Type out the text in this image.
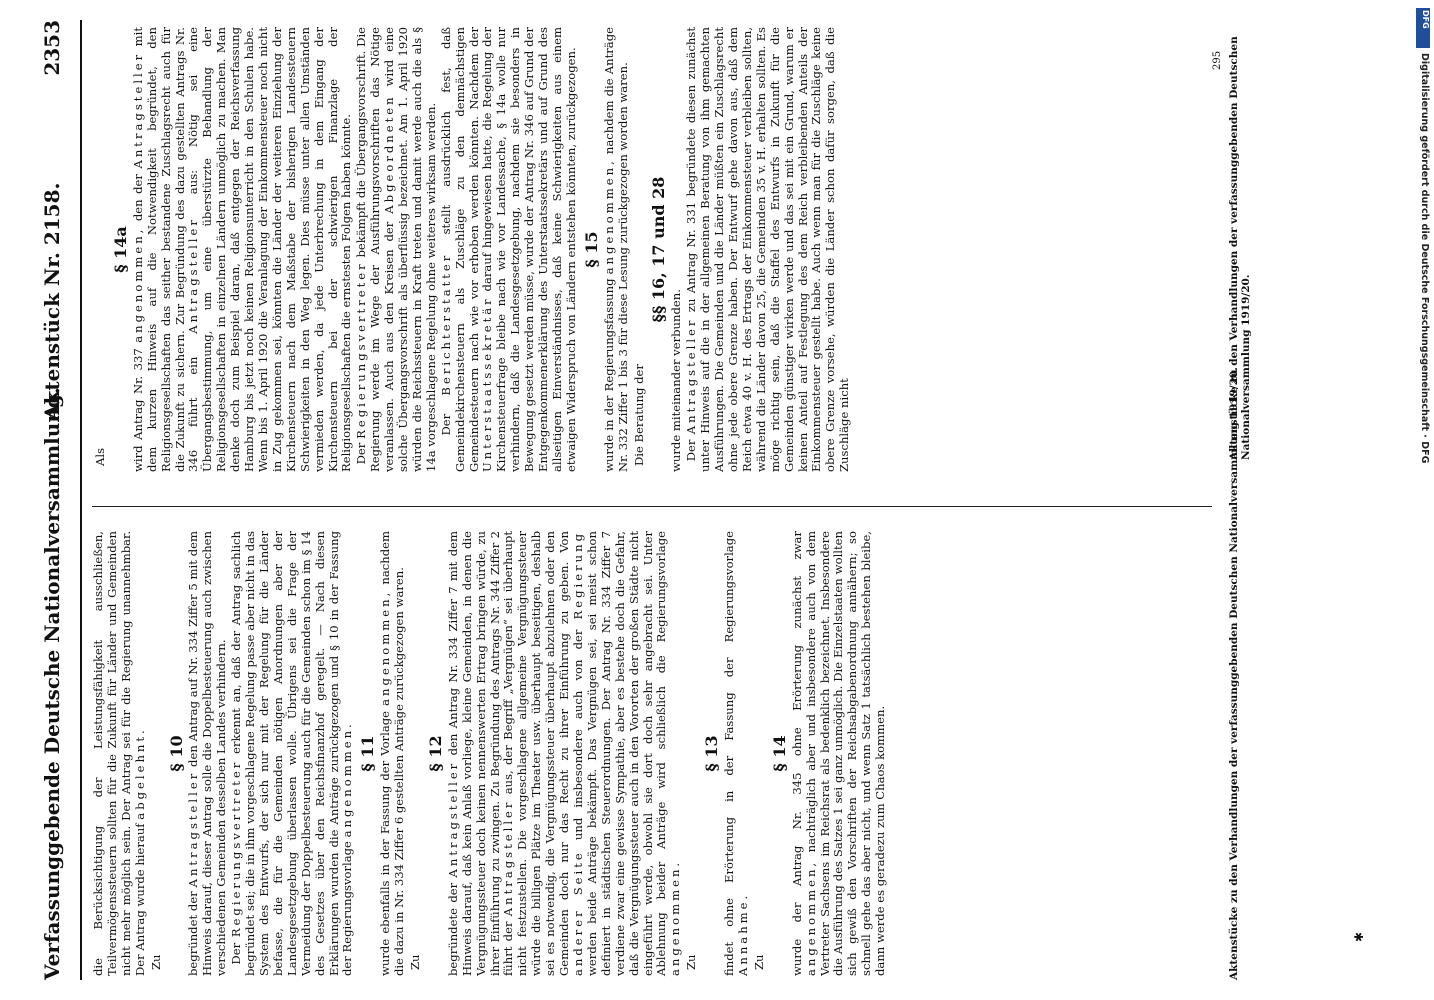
Verfassunggebende Deutsche Nationalversammlung.
Aktenstück Nr. 2158.
2353

die Berücksichtigung der Leistungsfähigkeit ausschließen, Teilvermögenssteuern sollten für die Zukunft für Länder und Gemeinden nicht mehr möglich sein. Der Antrag sei für die Regierung unannehmbar. Der Antrag wurde hierauf abgelehnt.

Zu
§ 10

begründet der Antragsteller den Antrag auf Nr. 334 Ziffer 5 mit dem Hinweis darauf, dieser Antrag solle die Doppelbesteuerung auch zwischen verschiedenen Gemeinden desselben Landes verhindern. Der Regierungsvertreter erkennt an, daß der Antrag sachlich begründet sei; die in ihm vorgeschlagene Regelung passe aber nicht in das System des Entwurfs, der sich nur mit der Regelung für die Länder befasse, die für die Gemeinden nötigen Anordnungen aber der Landesgesetzgebung überlassen wolle. Übrigens sei die Frage der Vermeidung der Doppelbesteuerung auch für die Gemeinden schon im § 14 des Gesetzes über den Reichsfinanzhof geregelt. — Nach diesen Erklärungen wurden die Anträge zurückgezogen und § 10 in der Fassung der Regierungsvorlage angenommen. § 11 wurde ebenfalls in der Fassung der Vorlage angenommen, nachdem die dazu in Nr. 334 Ziffer 6 gestellten Anträge zurückgezogen waren. Zu
§ 12

begründete der Antragsteller den Antrag Nr. 334 Ziffer 7 mit dem Hinweis darauf, daß kein Anlaß vorliege, kleine Gemeinden, in denen die Vergnügungssteuer doch keinen nennenswerten Ertrag bringen würde, zu ihrer Einführung zu zwingen. Zu Begründung des Antrags Nr. 344 Ziffer 2 führt der Antragsteller aus, der Begriff „Vergnügen“ sei überhaupt nicht festzustellen. Die vorgeschlagene allgemeine Vergnügungssteuer würde die billigen Plätze im Theater usw. überhaupt beseitigen, deshalb sei es notwendig, die Vergnügungssteuer überhaupt abzulehnen oder den Gemeinden doch nur das Recht zu ihrer Einführung zu geben. Von anderer Seite und insbesondere auch von der Regierung werden beide Anträge bekämpft. Das Vergnügen sei, sei meist schon definiert in städtischen Steuerordnungen. Der Antrag Nr. 334 Ziffer 7 verdiene zwar eine gewisse Sympathie, aber es bestehe doch die Gefahr, daß die Vergnügungssteuer auch in den Vororten der großen Städte nicht eingeführt werde, obwohl sie dort doch sehr angebracht sei. Unter Ablehnung beider Anträge wird schließlich die Regierungsvorlage angenommen. Zu
§ 13 findet ohne Erörterung in der Fassung der Regierungsvorlage Annahme. Zu
§ 14 wurde der Antrag Nr. 345 ohne Erörterung zunächst zwar angenommen, nachträglich aber und insbesondere auch von dem Vertreter Sachsens im Reichsrat als bedenklich bezeichnet. Insbesondere die Ausführung des Satzes 1 sei ganz unmöglich. Die Einzelstaaten wollten sich gewiß den Vorschriften der Reichsabgabenordnung annähern; so schnell gehe das aber nicht, und wenn Satz 1 tatsächlich bestehen bleibe, dann werde es geradezu zum Chaos kommen.

Als
§ 14a

wird Antrag Nr. 337 angenommen, den der Antragsteller mit dem kurzen Hinweis auf die Notwendigkeit begründet, den Religionsgesellschaften das seither bestandene Zuschlagsrecht auch für die Zukunft zu sichern. Zur Begründung des dazu gestellten Antrags Nr. 346 führt ein Antragsteller aus: Nötig sei eine Übergangsbestimmung, um eine überstürzte Behandlung der Religionsgesellschaften in einzelnen Ländern unmöglich zu machen. Man denke doch zum Beispiel daran, daß entgegen der Reichsverfassung Hamburg bis jetzt noch keinen Religionsunterricht in den Schulen habe. Wenn bis 1. April 1920 die Veranlagung der Einkommensteuer noch nicht in Zug gekommen sei, könnten die Länder der weiteren Einziehung der Kirchensteuern nach dem Maßstabe der bisherigen Landessteuern Schwierigkeiten in den Weg legen. Dies müsse unter allen Umständen vermieden werden, da jede Unterbrechung in dem Eingang der Kirchensteuern bei der schwierigen Finanzlage der Religionsgesellschaften die ernstesten Folgen haben könnte. Der Regierungsvertreter bekämpft die Übergangsvorschrift. Die Regierung werde im Wege der Ausführungsvorschriften das Nötige veranlassen. Auch aus den Kreisen der Abgeordneten wird eine solche Übergangsvorschrift als überflüssig bezeichnet. Am 1. April 1920 würden die Reichssteuern in Kraft treten und damit werde auch die als § 14a vorgeschlagene Regelung ohne weiteres wirksam werden. Der Berichterstatter stellt ausdrücklich fest, daß Gemeindekirchensteuern als Zuschläge zu den demnächstigen Gemeindesteuern nach wie vor erhoben werden könnten. Nachdem der Unterstaatssekretär darauf hingewiesen hatte, die Regelung der Kirchensteuerfrage bleibe nach wie vor Landessache, § 14a wolle nur verhindern, daß die Landesgesetzgebung, nachdem sie besonders in Bewegung gesetzt werden müsse, wurde der Antrag Nr. 346 auf Grund der Entgegenkommenerklärung des Unterstaatssekretärs und auf Grund des allseitigen Einverständnisses, daß keine Schwierigkeiten aus einem etwaigen Widerspruch von Ländern entstehen könnten, zurückgezogen. § 15

wurde in der Regierungsfassung angenommen, nachdem die Anträge Nr. 332 Ziffer 1 bis 3 für diese Lesung zurückgezogen worden waren. Die Beratung der
§§ 16, 17 und 28

wurde miteinander verbunden. Der Antragsteller zu Antrag Nr. 331 begründete diesen zunächst unter Hinweis auf die in der allgemeinen Beratung von ihm gemachten Ausführungen. Die Gemeinden und die Länder müßten ein Zuschlagsrecht ohne jede obere Grenze haben. Der Entwurf gehe davon aus, daß dem Reich etwa 40 v. H. des Ertrags der Einkommensteuer verbleiben sollten, während die Länder davon 25, die Gemeinden 35 v. H. erhalten sollten. Es möge richtig sein, daß die Staffel des Entwurfs in Zukunft für die Gemeinden günstiger wirken werde und das sei mit ein Grund, warum er keinen Anteil auf Festlegung des dem Reich verbleibenden Anteils der Einkommensteuer gestellt habe. Auch wenn man für die Zuschläge keine obere Grenze vorsehe, würden die Länder schon dafür sorgen, daß die Zuschläge nicht

295
Aktenstücke zu den Verhandlungen der verfassunggebenden Deutschen Nationalversammlung 1919/20.
Aktenstücke zu den Verhandlungen der verfassunggebenden Deutschen Nationalversammlung 1919/20.
✱
DFG
Digitalisierung gefördert durch die Deutsche Forschungsgemeinschaft · DFG
